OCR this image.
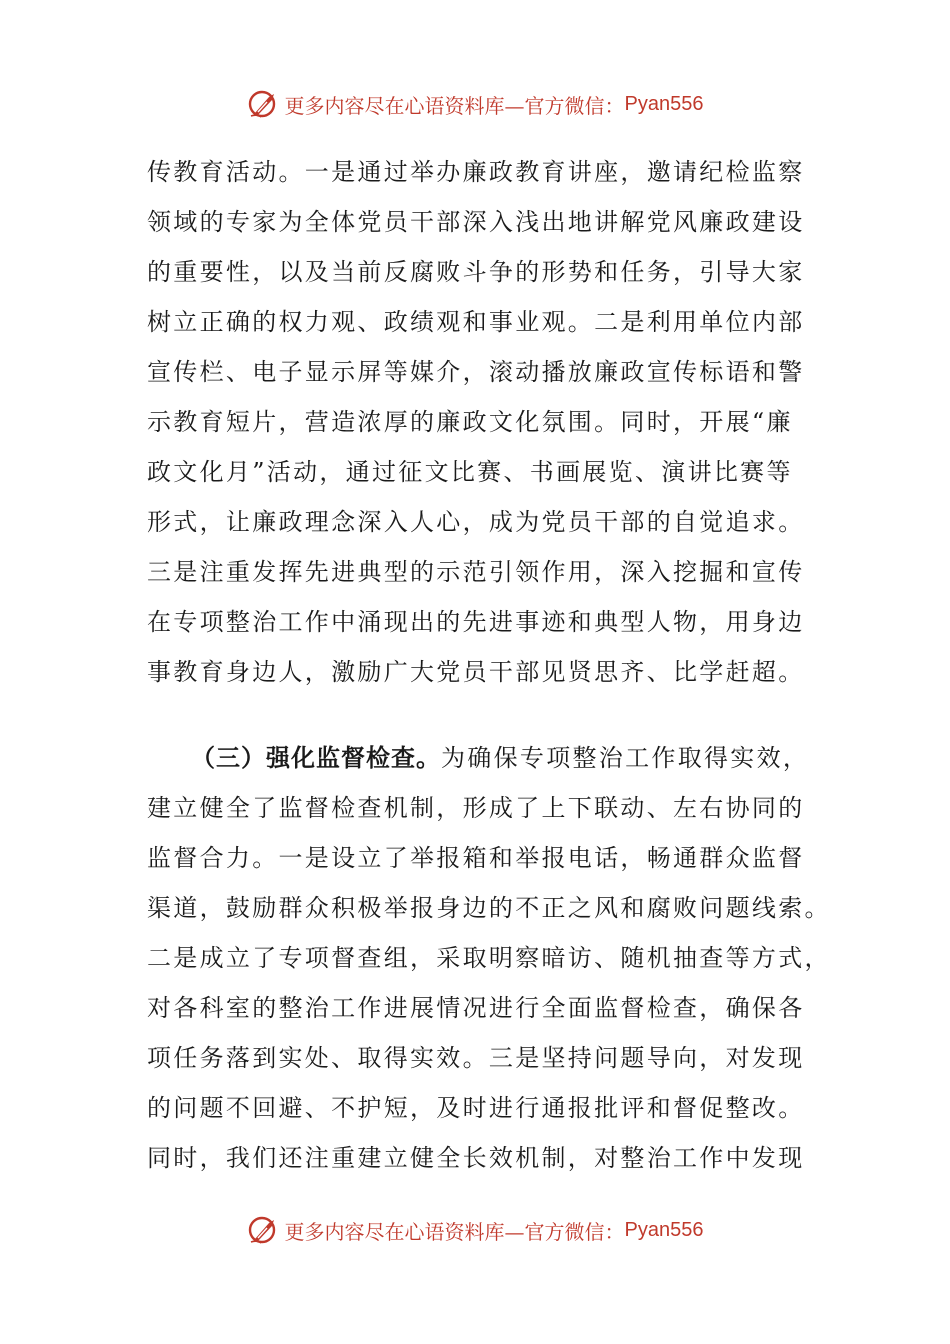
更多内容尽在心语资料库—官方微信： Pyan556
传教育活动。一是通过举办廉政教育讲座，邀请纪检监察
领域的专家为全体党员干部深入浅出地讲解党风廉政建设
的重要性，以及当前反腐败斗争的形势和任务，引导大家
树立正确的权力观、政绩观和事业观。二是利用单位内部
宣传栏、电子显示屏等媒介，滚动播放廉政宣传标语和警
示教育短片，营造浓厚的廉政文化氛围。同时，开展“廉
政文化月”活动，通过征文比赛、书画展览、演讲比赛等
形式，让廉政理念深入人心，成为党员干部的自觉追求。
三是注重发挥先进典型的示范引领作用，深入挖掘和宣传
在专项整治工作中涌现出的先进事迹和典型人物，用身边
事教育身边人，激励广大党员干部见贤思齐、比学赶超。
（三）强化监督检查。为确保专项整治工作取得实效，
建立健全了监督检查机制，形成了上下联动、左右协同的
监督合力。一是设立了举报箱和举报电话，畅通群众监督
渠道，鼓励群众积极举报身边的不正之风和腐败问题线索。
二是成立了专项督查组，采取明察暗访、随机抽查等方式，
对各科室的整治工作进展情况进行全面监督检查，确保各
项任务落到实处、取得实效。三是坚持问题导向，对发现
的问题不回避、不护短，及时进行通报批评和督促整改。
同时，我们还注重建立健全长效机制，对整治工作中发现
更多内容尽在心语资料库—官方微信： Pyan556
